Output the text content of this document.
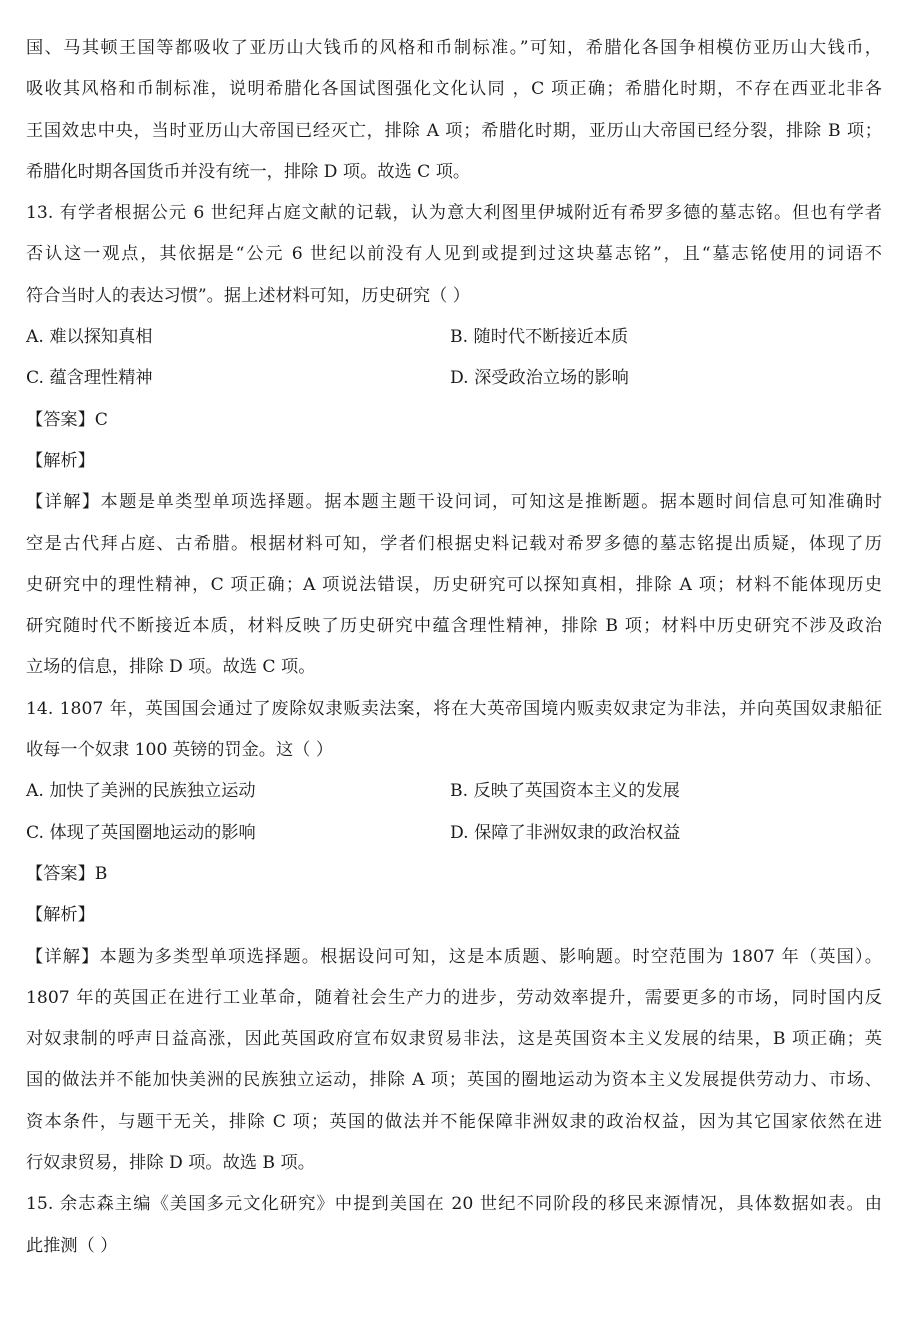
国、马其顿王国等都吸收了亚历山大钱币的风格和币制标准。”可知，希腊化各国争相模仿亚历山大钱币，
吸收其风格和币制标准，说明希腊化各国试图强化文化认同 ，C 项正确；希腊化时期，不存在西亚北非各
王国效忠中央，当时亚历山大帝国已经灭亡，排除 A 项；希腊化时期，亚历山大帝国已经分裂，排除 B 项；
希腊化时期各国货币并没有统一，排除 D 项。故选 C 项。
13. 有学者根据公元 6 世纪拜占庭文献的记载，认为意大利图里伊城附近有希罗多德的墓志铭。但也有学者
否认这一观点，其依据是“公元 6 世纪以前没有人见到或提到过这块墓志铭”，且“墓志铭使用的词语不
符合当时人的表达习惯”。据上述材料可知，历史研究（ ）
A. 难以探知真相	B. 随时代不断接近本质
C. 蕴含理性精神	D. 深受政治立场的影响
【答案】C
【解析】
【详解】本题是单类型单项选择题。据本题主题干设问词，可知这是推断题。据本题时间信息可知准确时
空是古代拜占庭、古希腊。根据材料可知，学者们根据史料记载对希罗多德的墓志铭提出质疑，体现了历
史研究中的理性精神，C 项正确；A 项说法错误，历史研究可以探知真相，排除 A 项；材料不能体现历史
研究随时代不断接近本质，材料反映了历史研究中蕴含理性精神，排除 B 项；材料中历史研究不涉及政治
立场的信息，排除 D 项。故选 C 项。
14. 1807 年，英国国会通过了废除奴隶贩卖法案，将在大英帝国境内贩卖奴隶定为非法，并向英国奴隶船征
收每一个奴隶 100 英镑的罚金。这（ ）
A. 加快了美洲的民族独立运动	B. 反映了英国资本主义的发展
C. 体现了英国圈地运动的影响	D. 保障了非洲奴隶的政治权益
【答案】B
【解析】
【详解】本题为多类型单项选择题。根据设问可知，这是本质题、影响题。时空范围为 1807 年（英国）。
1807 年的英国正在进行工业革命，随着社会生产力的进步，劳动效率提升，需要更多的市场，同时国内反
对奴隶制的呼声日益高涨，因此英国政府宣布奴隶贸易非法，这是英国资本主义发展的结果，B 项正确；英
国的做法并不能加快美洲的民族独立运动，排除 A 项；英国的圈地运动为资本主义发展提供劳动力、市场、
资本条件，与题干无关，排除 C 项；英国的做法并不能保障非洲奴隶的政治权益，因为其它国家依然在进
行奴隶贸易，排除 D 项。故选 B 项。
15. 余志森主编《美国多元文化研究》中提到美国在 20 世纪不同阶段的移民来源情况，具体数据如表。由
此推测（ ）
